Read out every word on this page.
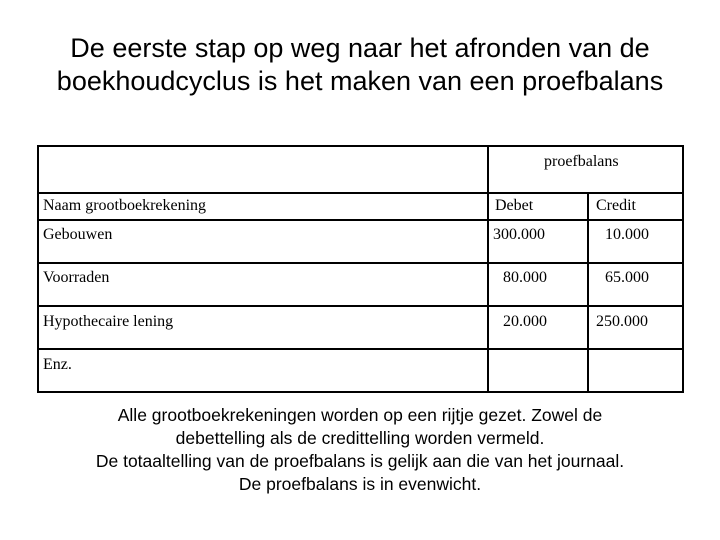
De eerste stap op weg naar het afronden van de
boekhoudcyclus is het maken van een proefbalans
proefbalans
Naam grootboekrekening	Debet	Credit
Gebouwen	300.000	10.000
Voorraden	80.000	65.000
Hypothecaire lening	20.000	250.000
Enz.
Alle grootboekrekeningen worden op een rijtje gezet. Zowel de
debettelling als de credittelling worden vermeld.
De totaaltelling van de proefbalans is gelijk aan die van het journaal.
De proefbalans is in evenwicht.
